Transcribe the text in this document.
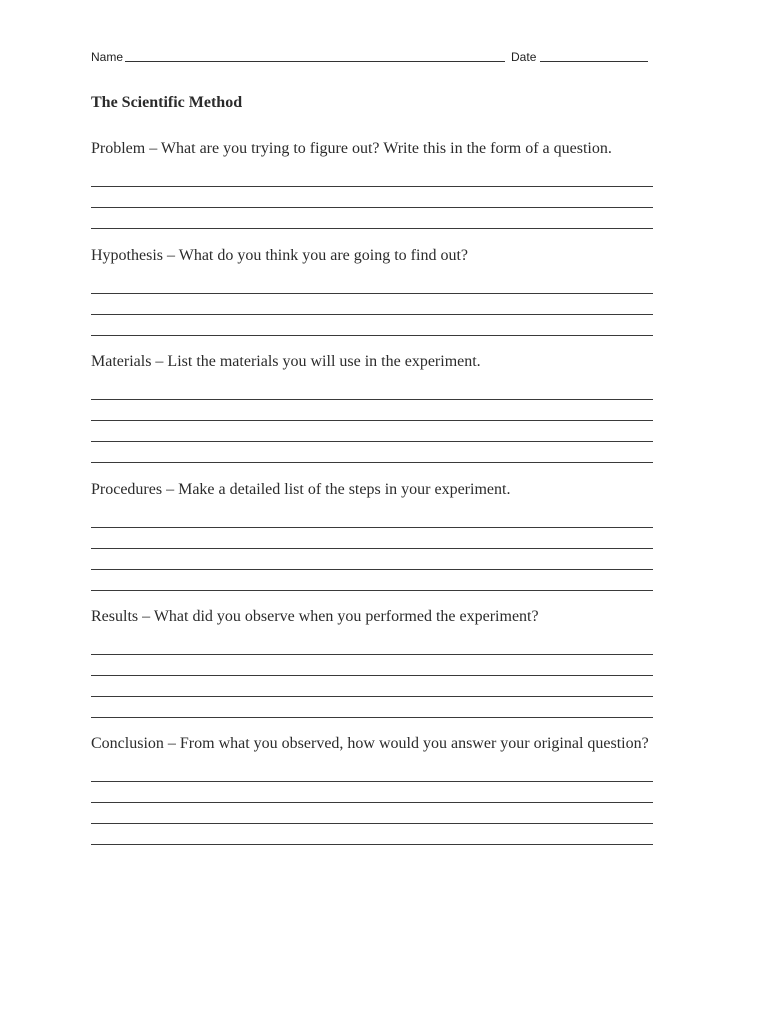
Name	Date
The Scientific Method

Problem – What are you trying to figure out? Write this in the form of a question.

Hypothesis – What do you think you are going to find out?

Materials – List the materials you will use in the experiment.

Procedures – Make a detailed list of the steps in your experiment.

Results – What did you observe when you performed the experiment?

Conclusion – From what you observed, how would you answer your original question?
